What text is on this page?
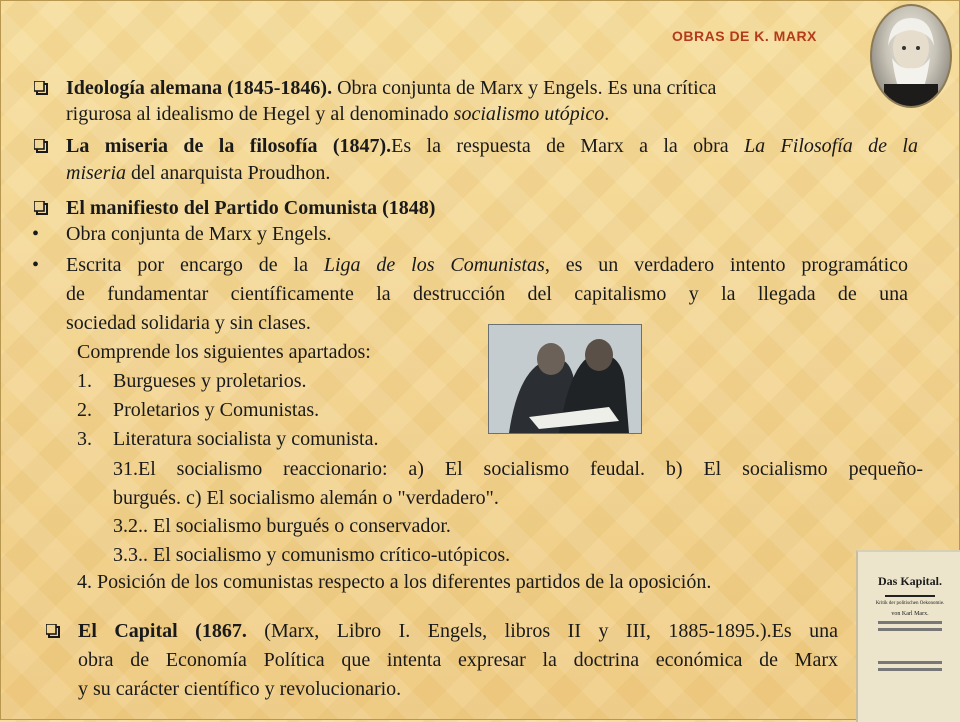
OBRAS DE K. MARX
Ideología alemana (1845-1846). Obra conjunta de Marx y Engels. Es una crítica
rigurosa al idealismo de Hegel y al denominado socialismo utópico.
La miseria de la filosofía (1847).Es la respuesta de Marx a la obra La Filosofía de la
miseria del anarquista Proudhon.
El manifiesto del Partido Comunista (1848)
• Obra conjunta de Marx y Engels.
• Escrita por encargo de la Liga de los Comunistas, es un verdadero intento programático
de fundamentar científicamente la destrucción del capitalismo y la llegada de una
sociedad solidaria y sin clases.
Comprende los siguientes apartados:
1. Burgueses y proletarios.
2. Proletarios y Comunistas.
3. Literatura socialista y comunista.
31.El socialismo reaccionario: a) El socialismo feudal. b) El socialismo pequeño-
burgués. c) El socialismo alemán o "verdadero".
3.2.. El socialismo burgués o conservador.
3.3.. El socialismo y comunismo crítico-utópicos.
4. Posición de los comunistas respecto a los diferentes partidos de la oposición.
El Capital (1867. (Marx, Libro I. Engels, libros II y III, 1885-1895.).Es una
obra de Economía Política que intenta expresar la doctrina económica de Marx
y su carácter científico y revolucionario.
Das Kapital.
Kritik der politischen Oekonomie.
von Karl Marx.
